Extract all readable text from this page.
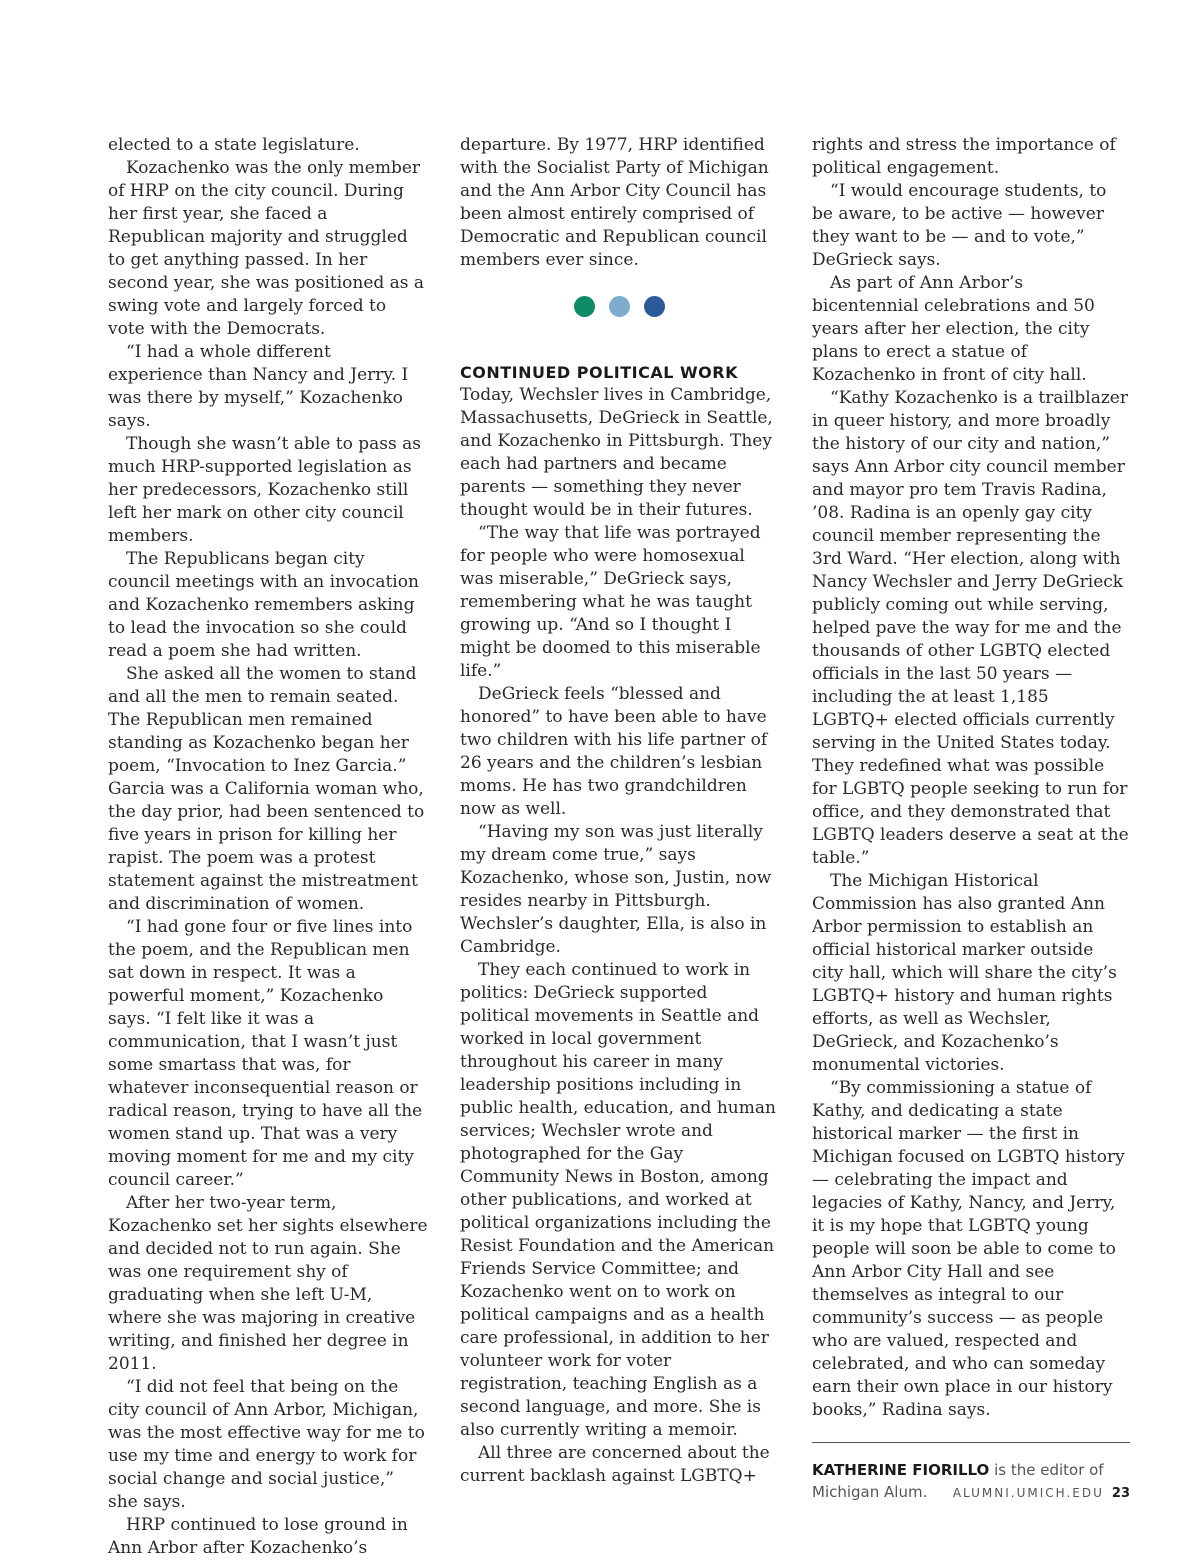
elected to a state legislature.

Kozachenko was the only member of HRP on the city council. During her first year, she faced a Republican majority and struggled to get anything passed. In her second year, she was positioned as a swing vote and largely forced to vote with the Democrats.

“I had a whole different experience than Nancy and Jerry. I was there by myself,” Kozachenko says.

Though she wasn’t able to pass as much HRP-supported legislation as her predecessors, Kozachenko still left her mark on other city council members.

The Republicans began city council meetings with an invocation and Kozachenko remembers asking to lead the invocation so she could read a poem she had written.

She asked all the women to stand and all the men to remain seated. The Republican men remained standing as Kozachenko began her poem, “Invocation to Inez Garcia.” Garcia was a California woman who, the day prior, had been sentenced to five years in prison for killing her rapist. The poem was a protest statement against the mistreatment and discrimination of women.

“I had gone four or five lines into the poem, and the Republican men sat down in respect. It was a powerful moment,” Kozachenko says. “I felt like it was a communication, that I wasn’t just some smartass that was, for whatever inconsequential reason or radical reason, trying to have all the women stand up. That was a very moving moment for me and my city council career.”

After her two-year term, Kozachenko set her sights elsewhere and decided not to run again. She was one requirement shy of graduating when she left U-M, where she was majoring in creative writing, and finished her degree in 2011.

“I did not feel that being on the city council of Ann Arbor, Michigan, was the most effective way for me to use my time and energy to work for social change and social justice,” she says.

HRP continued to lose ground in Ann Arbor after Kozachenko’s

departure. By 1977, HRP identified with the Socialist Party of Michigan and the Ann Arbor City Council has been almost entirely comprised of Democratic and Republican council members ever since.

CONTINUED POLITICAL WORK

Today, Wechsler lives in Cambridge, Massachusetts, DeGrieck in Seattle, and Kozachenko in Pittsburgh. They each had partners and became parents — something they never thought would be in their futures.

“The way that life was portrayed for people who were homosexual was miserable,” DeGrieck says, remembering what he was taught growing up. “And so I thought I might be doomed to this miserable life.”

DeGrieck feels “blessed and honored” to have been able to have two children with his life partner of 26 years and the children’s lesbian moms. He has two grandchildren now as well.

“Having my son was just literally my dream come true,” says Kozachenko, whose son, Justin, now resides nearby in Pittsburgh. Wechsler’s daughter, Ella, is also in Cambridge.

They each continued to work in politics: DeGrieck supported political movements in Seattle and worked in local government throughout his career in many leadership positions including in public health, education, and human services; Wechsler wrote and photographed for the Gay Community News in Boston, among other publications, and worked at political organizations including the Resist Foundation and the American Friends Service Committee; and Kozachenko went on to work on political campaigns and as a health care professional, in addition to her volunteer work for voter registration, teaching English as a second language, and more. She is also currently writing a memoir.

All three are concerned about the current backlash against LGBTQ+

rights and stress the importance of political engagement.

“I would encourage students, to be aware, to be active — however they want to be — and to vote,” DeGrieck says.

As part of Ann Arbor’s bicentennial celebrations and 50 years after her election, the city plans to erect a statue of Kozachenko in front of city hall.

“Kathy Kozachenko is a trailblazer in queer history, and more broadly the history of our city and nation,” says Ann Arbor city council member and mayor pro tem Travis Radina, ’08. Radina is an openly gay city council member representing the 3rd Ward. “Her election, along with Nancy Wechsler and Jerry DeGrieck publicly coming out while serving, helped pave the way for me and the thousands of other LGBTQ elected officials in the last 50 years — including the at least 1,185 LGBTQ+ elected officials currently serving in the United States today. They redefined what was possible for LGBTQ people seeking to run for office, and they demonstrated that LGBTQ leaders deserve a seat at the table.”

The Michigan Historical Commission has also granted Ann Arbor permission to establish an official historical marker outside city hall, which will share the city’s LGBTQ+ history and human rights efforts, as well as Wechsler, DeGrieck, and Kozachenko’s monumental victories.

“By commissioning a statue of Kathy, and dedicating a state historical marker — the first in Michigan focused on LGBTQ history — celebrating the impact and legacies of Kathy, Nancy, and Jerry, it is my hope that LGBTQ young people will soon be able to come to Ann Arbor City Hall and see themselves as integral to our community’s success — as people who are valued, respected and celebrated, and who can someday earn their own place in our history books,” Radina says.

KATHERINE FIORILLO is the editor of Michigan Alum.	ALUMNI.UMICH.EDU 23
